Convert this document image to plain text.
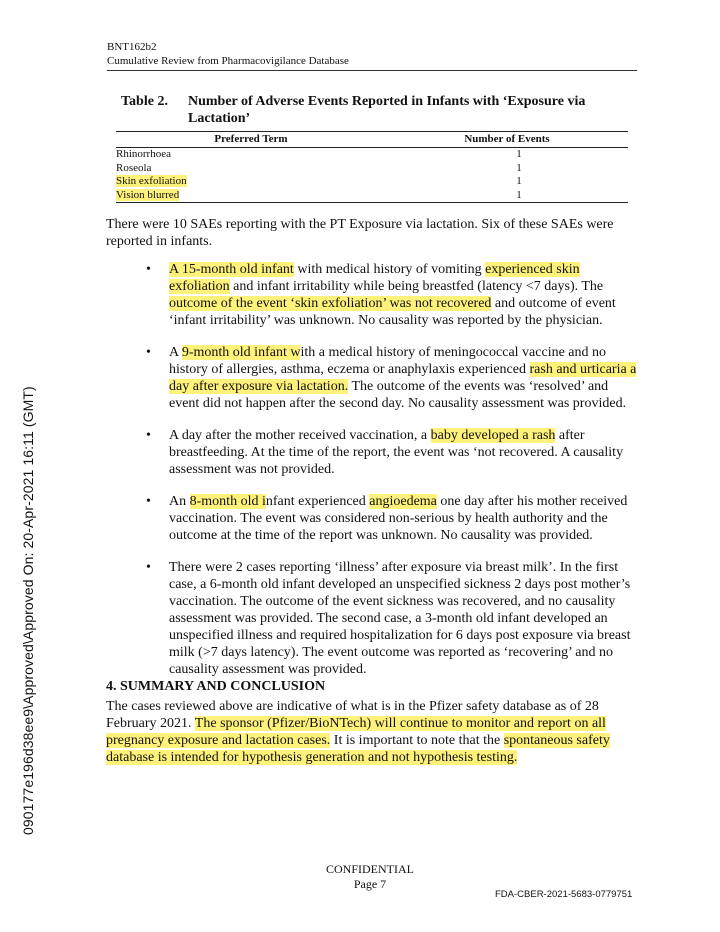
BNT162b2
Cumulative Review from Pharmacovigilance Database
Table 2.	Number of Adverse Events Reported in Infants with ‘Exposure via Lactation’
Preferred Term	Number of Events
Rhinorrhoea	1
Roseola	1
Skin exfoliation	1
Vision blurred	1
There were 10 SAEs reporting with the PT Exposure via lactation. Six of these SAEs were reported in infants.
• A 15-month old infant with medical history of vomiting experienced skin exfoliation and infant irritability while being breastfed (latency <7 days). The outcome of the event ‘skin exfoliation’ was not recovered and outcome of event ‘infant irritability’ was unknown. No causality was reported by the physician.
• A 9-month old infant with a medical history of meningococcal vaccine and no history of allergies, asthma, eczema or anaphylaxis experienced rash and urticaria a day after exposure via lactation. The outcome of the events was ‘resolved’ and event did not happen after the second day. No causality assessment was provided.
• A day after the mother received vaccination, a baby developed a rash after breastfeeding. At the time of the report, the event was ‘not recovered. A causality assessment was not provided.
• An 8-month old infant experienced angioedema one day after his mother received vaccination. The event was considered non-serious by health authority and the outcome at the time of the report was unknown. No causality was provided.
• There were 2 cases reporting ‘illness’ after exposure via breast milk’. In the first case, a 6-month old infant developed an unspecified sickness 2 days post mother’s vaccination. The outcome of the event sickness was recovered, and no causality assessment was provided. The second case, a 3-month old infant developed an unspecified illness and required hospitalization for 6 days post exposure via breast milk (>7 days latency). The event outcome was reported as ‘recovering’ and no causality assessment was provided.
4. SUMMARY AND CONCLUSION
The cases reviewed above are indicative of what is in the Pfizer safety database as of 28 February 2021. The sponsor (Pfizer/BioNTech) will continue to monitor and report on all pregnancy exposure and lactation cases. It is important to note that the spontaneous safety database is intended for hypothesis generation and not hypothesis testing.
CONFIDENTIAL
Page 7
FDA-CBER-2021-5683-0779751
090177e196d38ee9\Approved\Approved On: 20-Apr-2021 16:11 (GMT)
